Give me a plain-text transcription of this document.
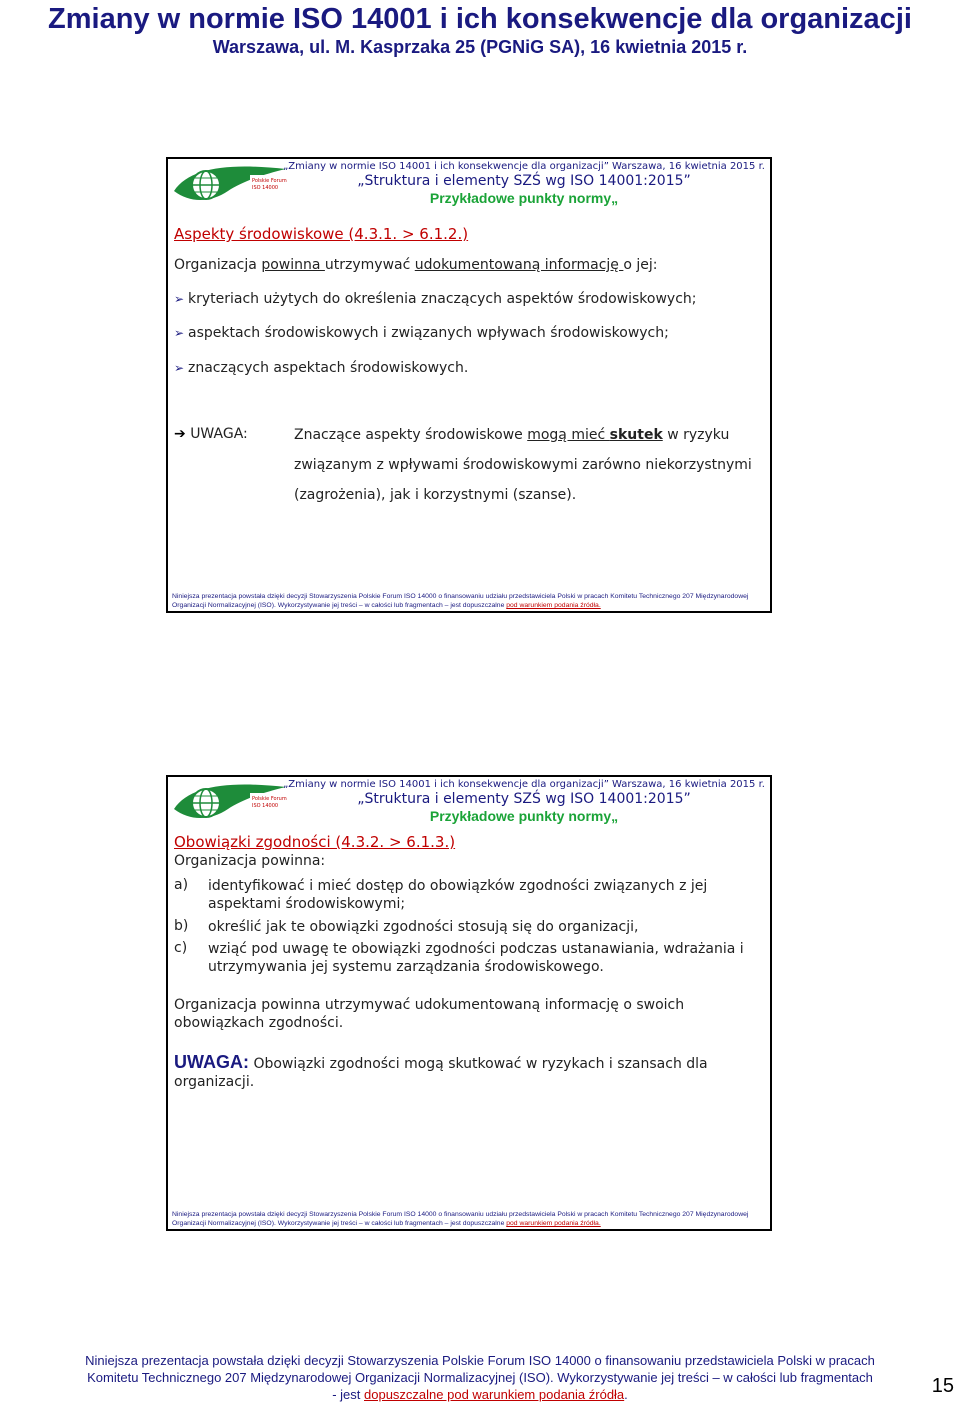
Zmiany w normie ISO 14001 i ich konsekwencje dla organizacji
Warszawa, ul. M. Kasprzaka 25 (PGNiG SA), 16 kwietnia 2015 r.
Polskie Forum
ISO 14000
„Zmiany w normie ISO 14001 i ich konsekwencje dla organizacji” Warszawa, 16 kwietnia 2015 r.
„Struktura i elementy SZŚ wg ISO 14001:2015”
Przykładowe punkty normy„
Aspekty środowiskowe (4.3.1. > 6.1.2.)
Organizacja powinna utrzymywać udokumentowaną informację o jej:
➢ kryteriach użytych do określenia znaczących aspektów środowiskowych;
➢ aspektach środowiskowych i związanych wpływach środowiskowych;
➢ znaczących aspektach środowiskowych.
➔ UWAGA:	Znaczące aspekty środowiskowe mogą mieć skutek w ryzyku związanym z wpływami środowiskowymi zarówno niekorzystnymi (zagrożenia), jak i korzystnymi (szanse).
Niniejsza prezentacja powstała dzięki decyzji Stowarzyszenia Polskie Forum ISO 14000 o finansowaniu udziału przedstawiciela Polski w pracach Komitetu Technicznego 207 Międzynarodowej Organizacji Normalizacyjnej (ISO). Wykorzystywanie jej treści – w całości lub fragmentach – jest dopuszczalne pod warunkiem podania źródła.
Polskie Forum
ISO 14000
„Zmiany w normie ISO 14001 i ich konsekwencje dla organizacji” Warszawa, 16 kwietnia 2015 r.
„Struktura i elementy SZŚ wg ISO 14001:2015”
Przykładowe punkty normy„
Obowiązki zgodności (4.3.2. > 6.1.3.)
Organizacja powinna:
a) identyfikować i mieć dostęp do obowiązków zgodności związanych z jej aspektami środowiskowymi;
b) określić jak te obowiązki zgodności stosują się do organizacji,
c) wziąć pod uwagę te obowiązki zgodności podczas ustanawiania, wdrażania i utrzymywania jej systemu zarządzania środowiskowego.
Organizacja powinna utrzymywać udokumentowaną informację o swoich obowiązkach zgodności.
UWAGA: Obowiązki zgodności mogą skutkować w ryzykach i szansach dla organizacji.
Niniejsza prezentacja powstała dzięki decyzji Stowarzyszenia Polskie Forum ISO 14000 o finansowaniu udziału przedstawiciela Polski w pracach Komitetu Technicznego 207 Międzynarodowej Organizacji Normalizacyjnej (ISO). Wykorzystywanie jej treści – w całości lub fragmentach – jest dopuszczalne pod warunkiem podania źródła.
Niniejsza prezentacja powstała dzięki decyzji Stowarzyszenia Polskie Forum ISO 14000 o finansowaniu przedstawiciela Polski w pracach
Komitetu Technicznego 207 Międzynarodowej Organizacji Normalizacyjnej (ISO). Wykorzystywanie jej treści – w całości lub fragmentach
- jest dopuszczalne pod warunkiem podania źródła.	15
